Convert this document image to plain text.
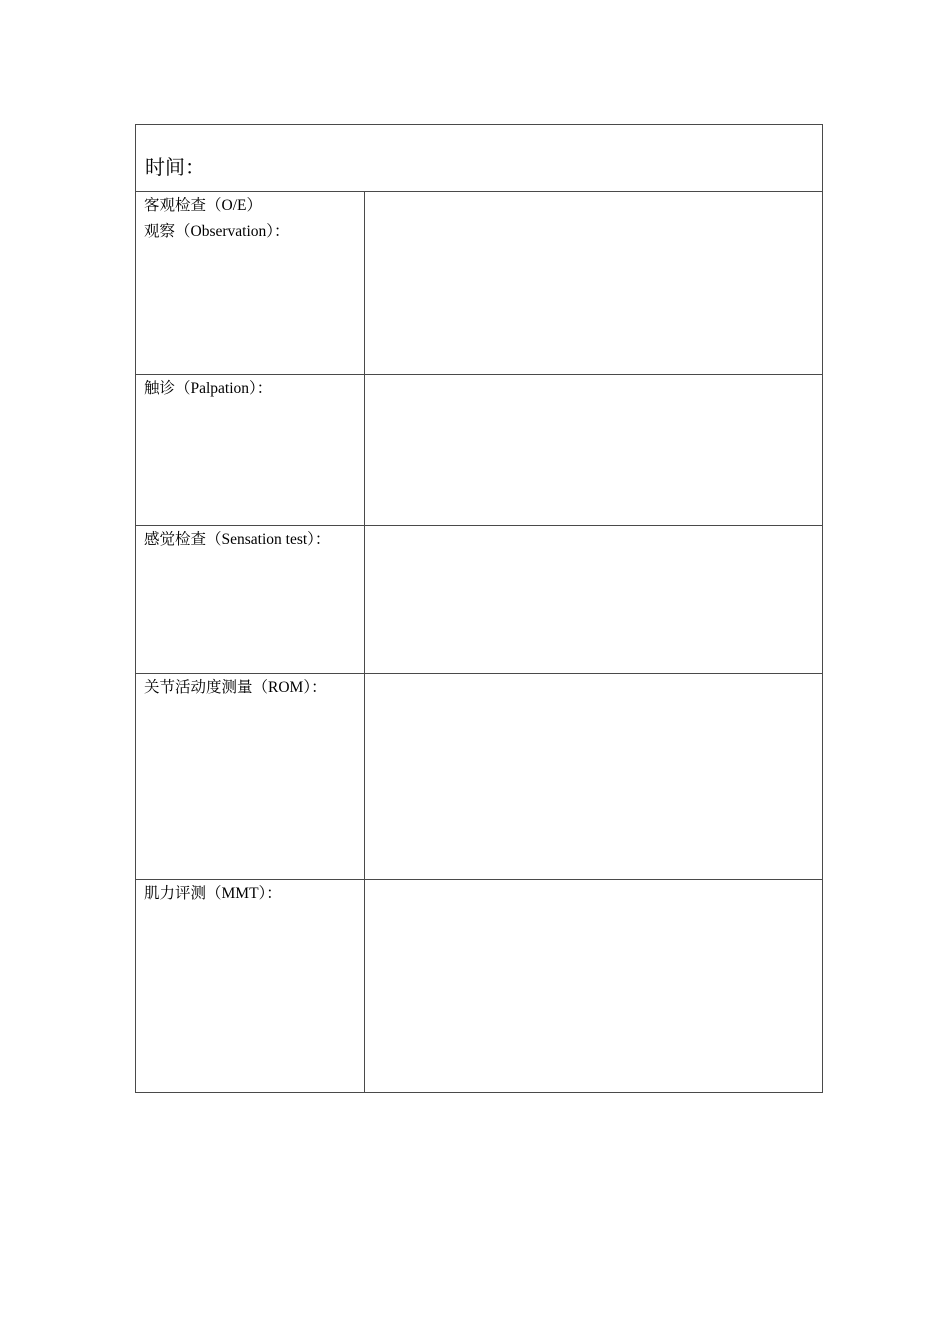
时间：	

客观检查（O/E）
观察（Observation）：	

触诊（Palpation）：	

感觉检查（Sensation test）：	

关节活动度测量（ROM）：	

肌力评测（MMT）：	
